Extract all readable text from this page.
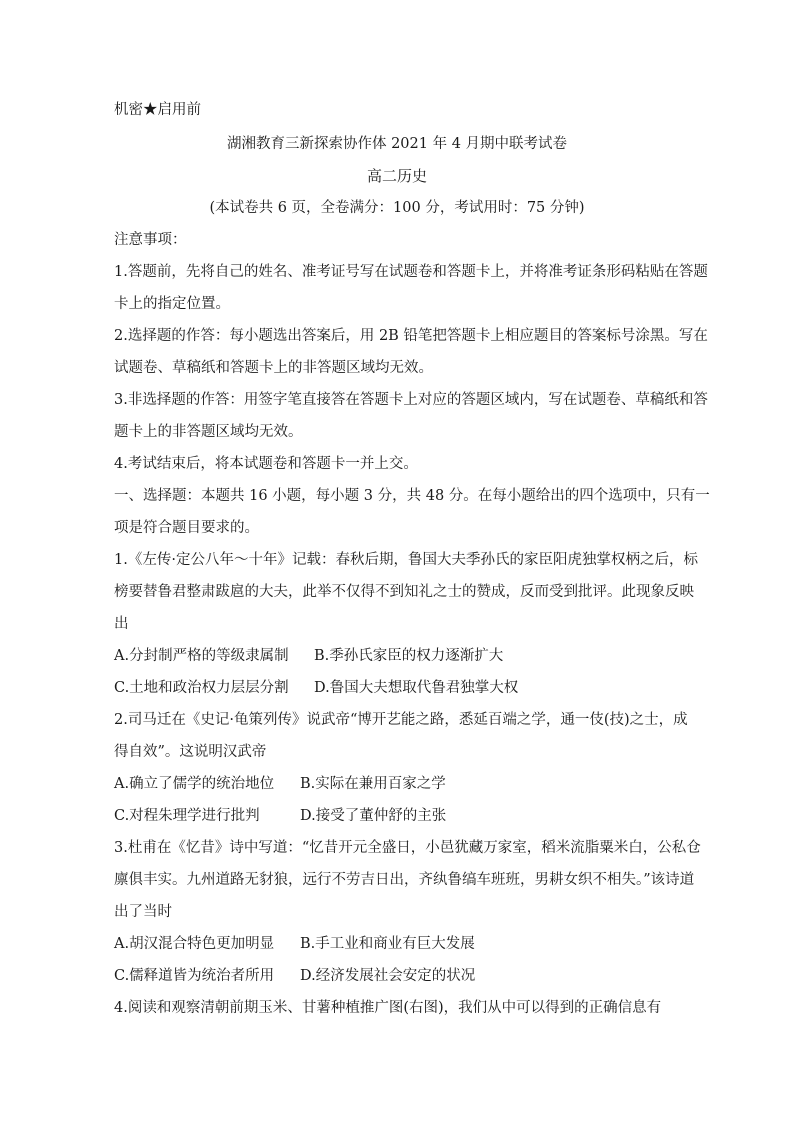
机密★启用前
湖湘教育三新探索协作体 2021 年 4 月期中联考试卷
高二历史
(本试卷共 6 页，全卷满分：100 分，考试用时：75 分钟)
注意事项：
1.答题前，先将自己的姓名、准考证号写在试题卷和答题卡上，并将准考证条形码粘贴在答题
卡上的指定位置。
2.选择题的作答：每小题选出答案后，用 2B 铅笔把答题卡上相应题目的答案标号涂黑。写在
试题卷、草稿纸和答题卡上的非答题区域均无效。
3.非选择题的作答：用签字笔直接答在答题卡上对应的答题区域内，写在试题卷、草稿纸和答
题卡上的非答题区域均无效。
4.考试结束后，将本试题卷和答题卡一并上交。
一、选择题：本题共 16 小题，每小题 3 分，共 48 分。在每小题给出的四个选项中，只有一
项是符合题目要求的。
1.《左传·定公八年～十年》记载：春秋后期，鲁国大夫季孙氏的家臣阳虎独掌权柄之后，标
榜要替鲁君整肃跋扈的大夫，此举不仅得不到知礼之士的赞成，反而受到批评。此现象反映
出
A.分封制严格的等级隶属制 B.季孙氏家臣的权力逐渐扩大
C.土地和政治权力层层分割 D.鲁国大夫想取代鲁君独掌大权
2.司马迁在《史记·龟策列传》说武帝“博开艺能之路，悉延百端之学，通一伎(技)之士，成
得自效”。这说明汉武帝
A.确立了儒学的统治地位 B.实际在兼用百家之学
C.对程朱理学进行批判	D.接受了董仲舒的主张
3.杜甫在《忆昔》诗中写道：“忆昔开元全盛日，小邑犹藏万家室，稻米流脂粟米白，公私仓
廪俱丰实。九州道路无豺狼，远行不劳吉日出，齐纨鲁缟车班班，男耕女织不相失。”该诗道
出了当时
A.胡汉混合特色更加明显 B.手工业和商业有巨大发展
C.儒释道皆为统治者所用 D.经济发展社会安定的状况
4.阅读和观察清朝前期玉米、甘薯种植推广图(右图)，我们从中可以得到的正确信息有
